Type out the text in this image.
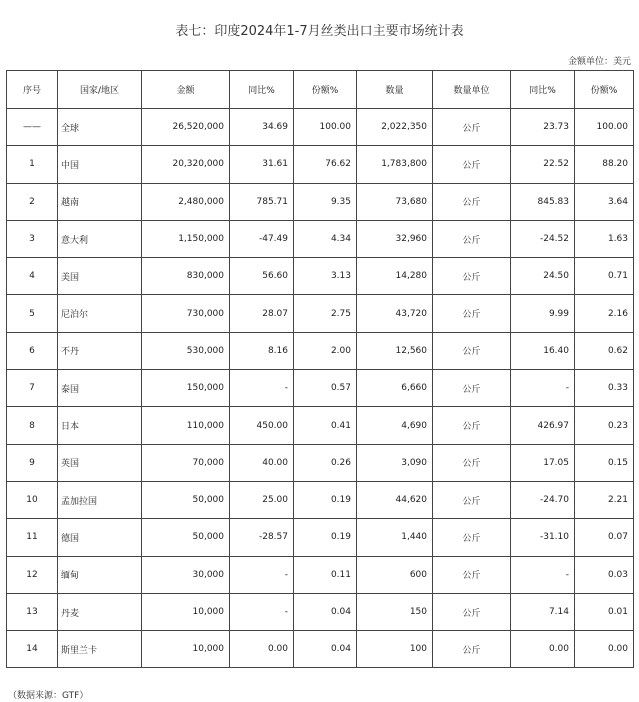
表七：印度2024年1-7月丝类出口主要市场统计表
金额单位：美元
序号	国家/地区	金额	同比%	份额%	数量	数量单位	同比%	份额%
——	全球	26,520,000	34.69	100.00	2,022,350	公斤	23.73	100.00
1	中国	20,320,000	31.61	76.62	1,783,800	公斤	22.52	88.20
2	越南	2,480,000	785.71	9.35	73,680	公斤	845.83	3.64
3	意大利	1,150,000	-47.49	4.34	32,960	公斤	-24.52	1.63
4	美国	830,000	56.60	3.13	14,280	公斤	24.50	0.71
5	尼泊尔	730,000	28.07	2.75	43,720	公斤	9.99	2.16
6	不丹	530,000	8.16	2.00	12,560	公斤	16.40	0.62
7	泰国	150,000	-	0.57	6,660	公斤	-	0.33
8	日本	110,000	450.00	0.41	4,690	公斤	426.97	0.23
9	英国	70,000	40.00	0.26	3,090	公斤	17.05	0.15
10	孟加拉国	50,000	25.00	0.19	44,620	公斤	-24.70	2.21
11	德国	50,000	-28.57	0.19	1,440	公斤	-31.10	0.07
12	缅甸	30,000	-	0.11	600	公斤	-	0.03
13	丹麦	10,000	-	0.04	150	公斤	7.14	0.01
14	斯里兰卡	10,000	0.00	0.04	100	公斤	0.00	0.00
（数据来源：GTF）
